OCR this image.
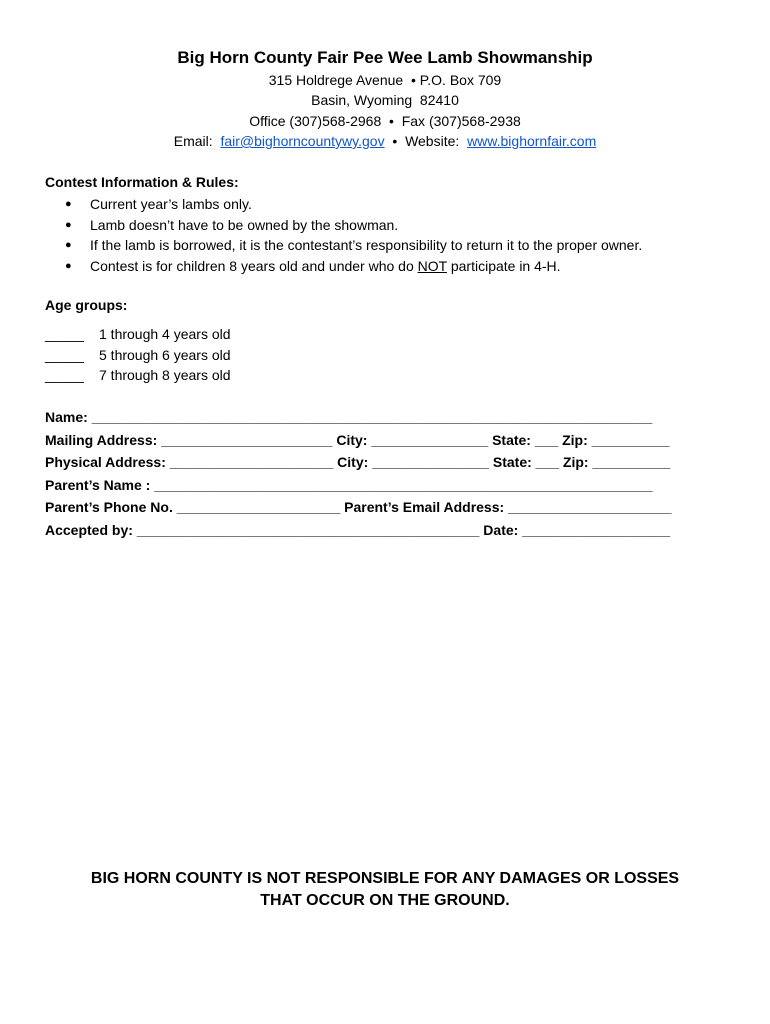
Big Horn County Fair Pee Wee Lamb Showmanship
315 Holdrege Avenue  • P.O. Box 709
Basin, Wyoming  82410
Office (307)568-2968  •  Fax (307)568-2938
Email: fair@bighorncountywy.gov • Website: www.bighornfair.com
Contest Information & Rules:
● Current year’s lambs only.
● Lamb doesn’t have to be owned by the showman.
● If the lamb is borrowed, it is the contestant’s responsibility to return it to the proper owner.
● Contest is for children 8 years old and under who do NOT participate in 4-H.
Age groups:
_____ 1 through 4 years old
_____ 5 through 6 years old
_____ 7 through 8 years old
Name: ________________________________________________________________________
Mailing Address: ______________________ City: _______________ State: ___ Zip: __________
Physical Address: _____________________ City: _______________ State: ___ Zip: __________
Parent’s Name : ________________________________________________________________
Parent’s Phone No. _____________________ Parent’s Email Address: _____________________
Accepted by: ____________________________________________ Date: ___________________
BIG HORN COUNTY IS NOT RESPONSIBLE FOR ANY DAMAGES OR LOSSES
THAT OCCUR ON THE GROUND.
